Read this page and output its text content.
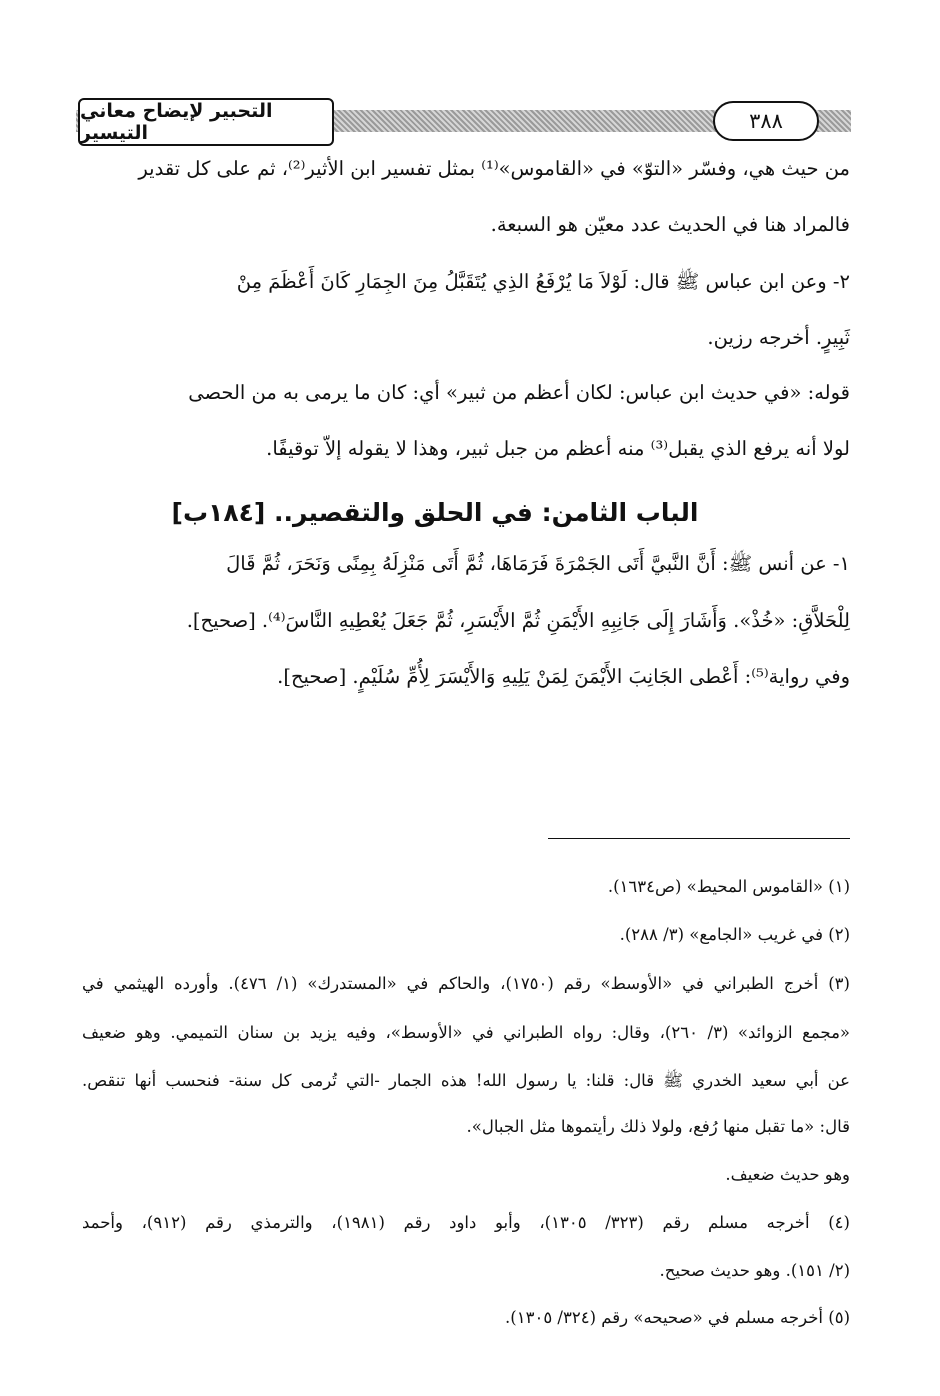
التحبير لإيضاح معاني التيسير	٣٨٨
من حيث هي، وفسّر «التوّ» في «القاموس»⁽¹⁾ بمثل تفسير ابن الأثير⁽²⁾، ثم على كل تقدير
فالمراد هنا في الحديث عدد معيّن هو السبعة.
٢- وعن ابن عباس ﷺ قال: لَوْلاَ مَا يُرْفَعُ الذِي يُتَقَبَّلُ مِنَ الجِمَارِ كَانَ أَعْظَمَ مِنْ
ثَبِيرٍ. أخرجه رزين.
قوله: «في حديث ابن عباس: لكان أعظم من ثبير» أي: كان ما يرمى به من الحصى
لولا أنه يرفع الذي يقبل⁽³⁾ منه أعظم من جبل ثبير، وهذا لا يقوله إلاّ توقيفًا.
الباب الثامن: في الحلق والتقصير.. [١٨٤ب]
١- عن أنس ﷺ: أَنَّ النَّبيَّ أَتَى الجَمْرَةَ فَرَمَاهَا، ثُمَّ أَتَى مَنْزِلَهُ بِمِنًى وَنَحَرَ، ثُمَّ قَالَ
لِلْحَلاَّقِ: «خُذْ». وَأَشَارَ إِلَى جَانِبِهِ الأَيْمَنِ ثُمَّ الأَيْسَرِ، ثُمَّ جَعَلَ يُعْطِيهِ النَّاسَ⁽⁴⁾. [صحيح].
وفي رواية⁽⁵⁾: أَعْطى الجَانِبَ الأَيْمَنَ لِمَنْ يَلِيهِ وَالأَيْسَرَ لِأُمِّ سُلَيْمٍ. [صحيح].
(١) «القاموس المحيط» (ص١٦٣٤).
(٢) في غريب «الجامع» (٣/ ٢٨٨).
(٣) أخرج الطبراني في «الأوسط» رقم (١٧٥٠)، والحاكم في «المستدرك» (١/ ٤٧٦). وأورده الهيثمي في
«مجمع الزوائد» (٣/ ٢٦٠)، وقال: رواه الطبراني في «الأوسط»، وفيه يزيد بن سنان التميمي. وهو ضعيف
عن أبي سعيد الخدري ﷺ قال: قلنا: يا رسول الله! هذه الجمار -التي تُرمى كل سنة- فنحسب أنها تنقص.
قال: «ما تقبل منها رُفع، ولولا ذلك رأيتموها مثل الجبال».
وهو حديث ضعيف.
(٤) أخرجه مسلم رقم (٣٢٣/ ١٣٠٥)، وأبو داود رقم (١٩٨١)، والترمذي رقم (٩١٢)، وأحمد
(٢/ ١٥١). وهو حديث صحيح.
(٥) أخرجه مسلم في «صحيحه» رقم (٣٢٤/ ١٣٠٥).
